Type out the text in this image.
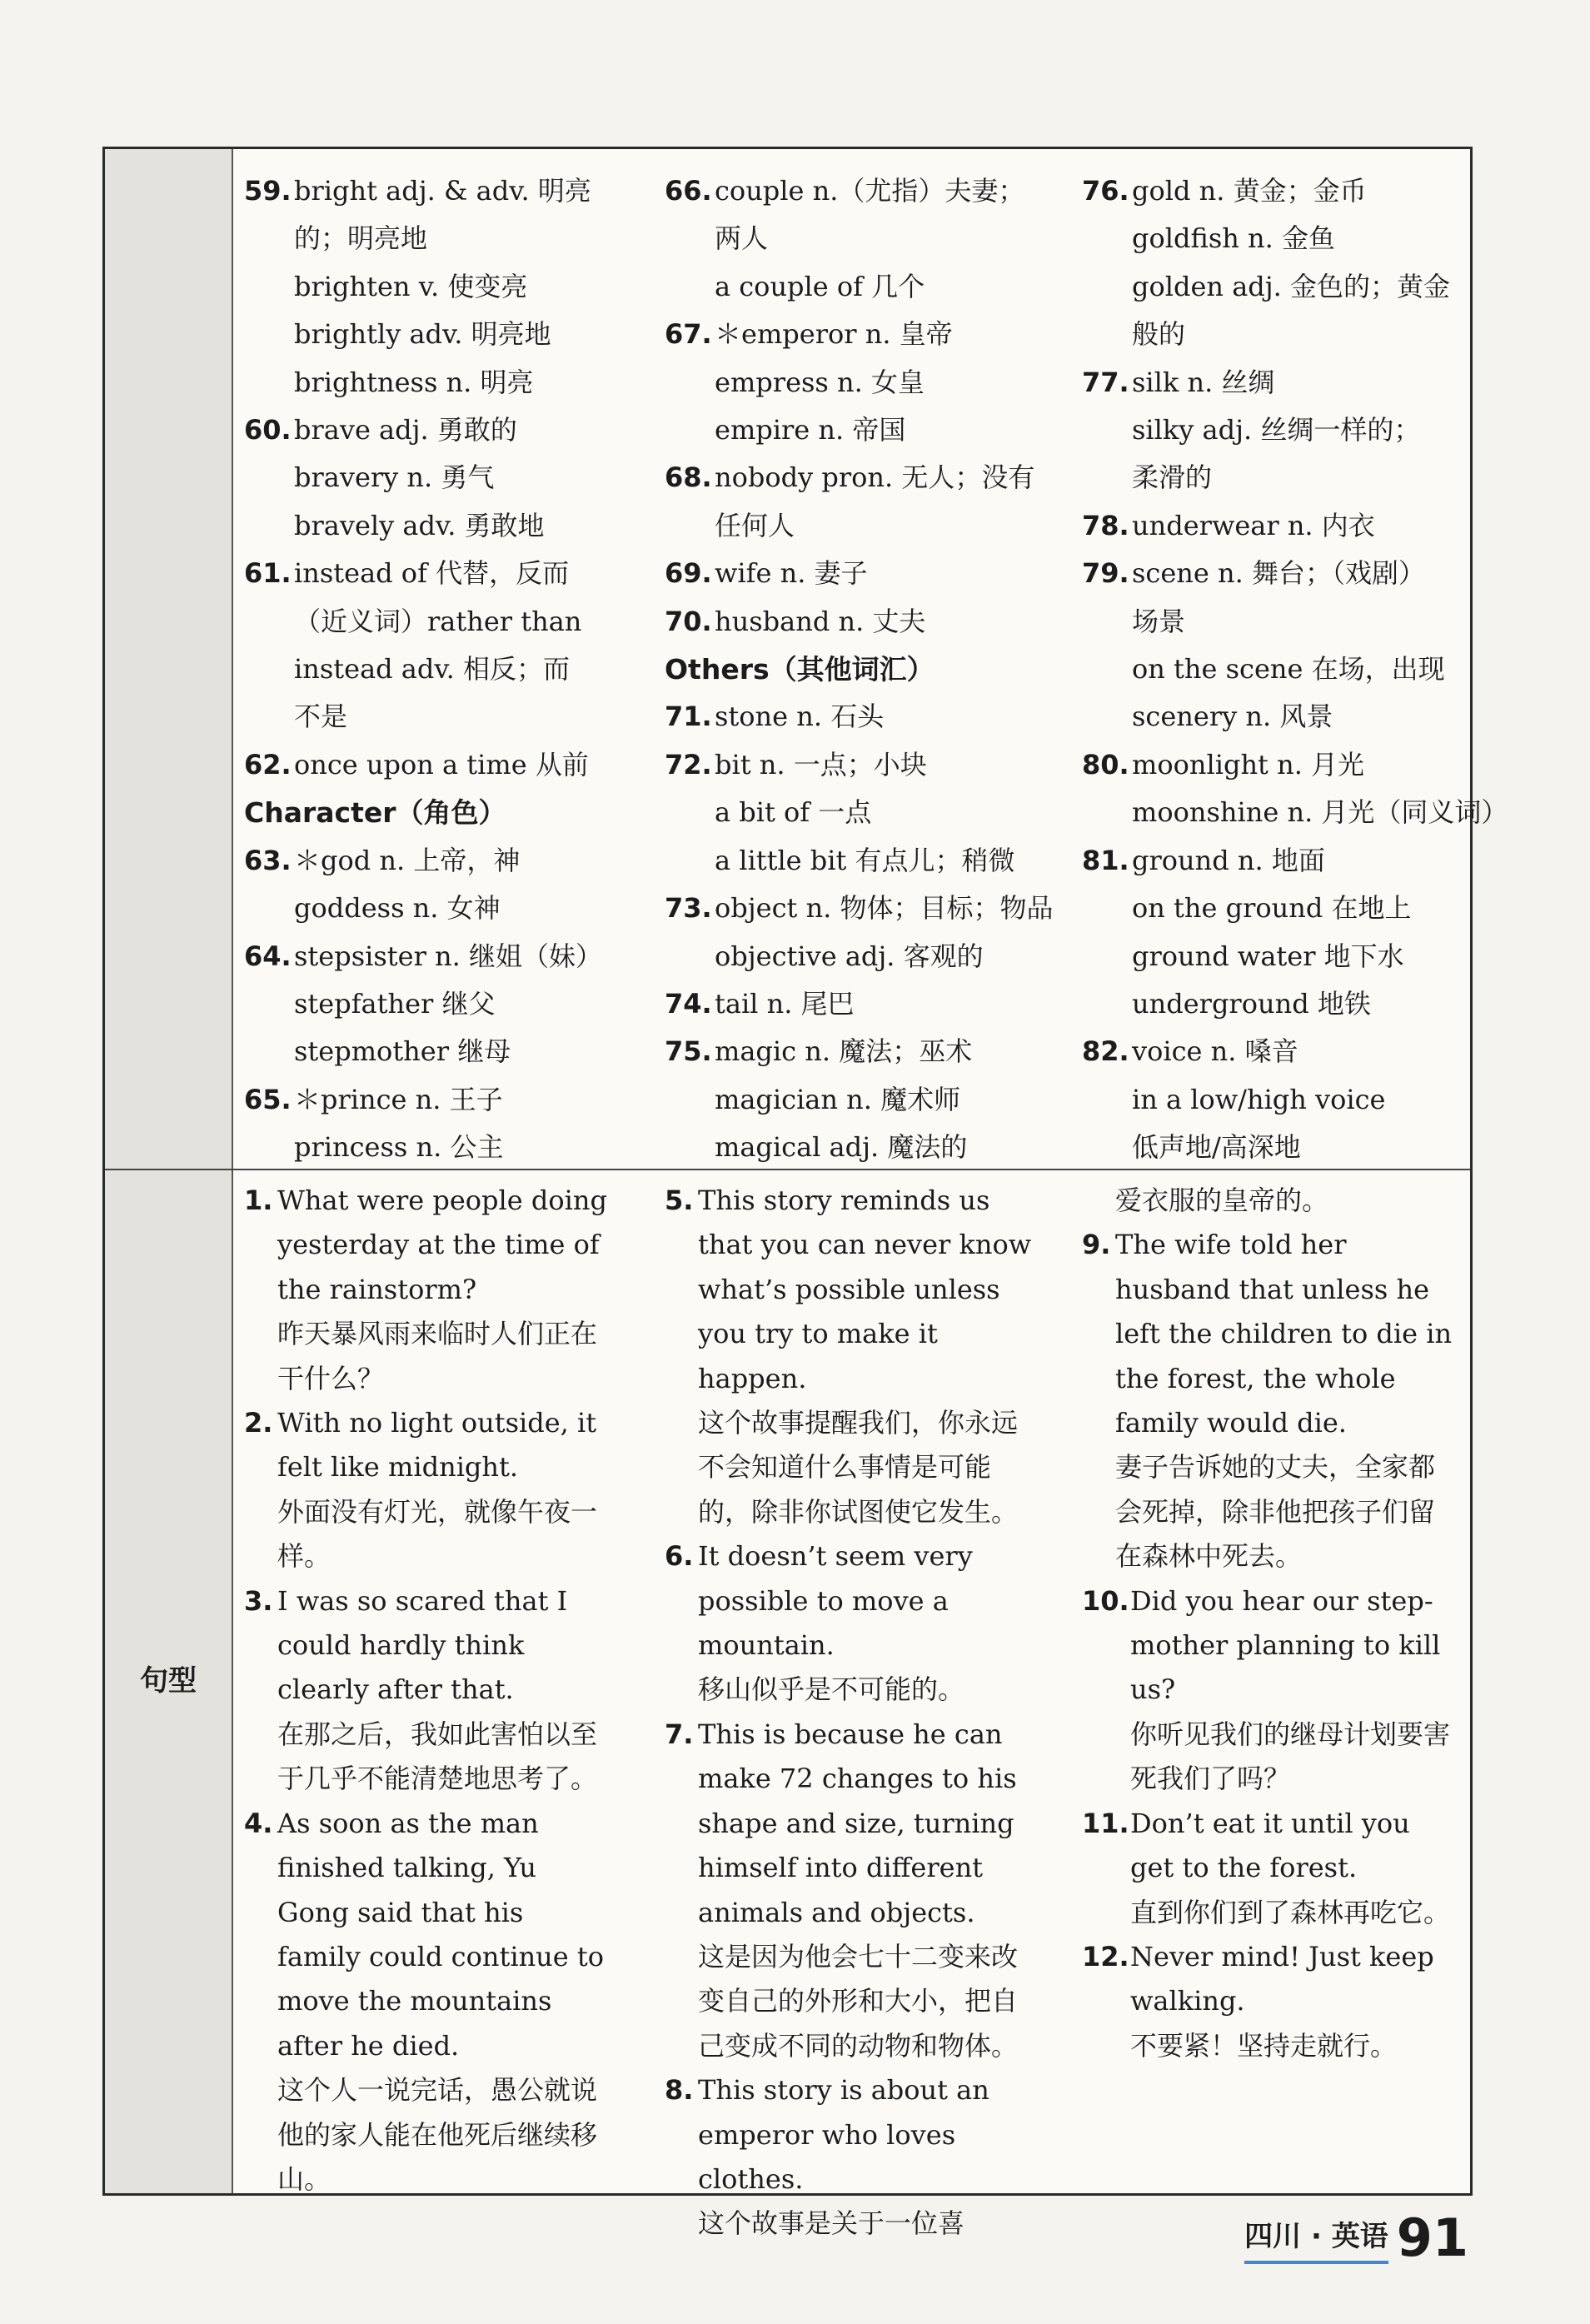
句型
59. bright adj. & adv. 明亮
的；明亮地
brighten v. 使变亮
brightly adv. 明亮地
brightness n. 明亮
60. brave adj. 勇敢的
bravery n. 勇气
bravely adv. 勇敢地
61. instead of 代替，反而
（近义词）rather than
instead adv. 相反；而
不是
62. once upon a time 从前
Character（角色）
63. ＊god n. 上帝，神
goddess n. 女神
64. stepsister n. 继姐（妹）
stepfather 继父
stepmother 继母
65. ＊prince n. 王子
princess n. 公主
66. couple n.（尤指）夫妻；
两人
a couple of 几个
67. ＊emperor n. 皇帝
empress n. 女皇
empire n. 帝国
68. nobody pron. 无人；没有
任何人
69. wife n. 妻子
70. husband n. 丈夫
Others（其他词汇）
71. stone n. 石头
72. bit n. 一点；小块
a bit of 一点
a little bit 有点儿；稍微
73. object n. 物体；目标；物品
objective adj. 客观的
74. tail n. 尾巴
75. magic n. 魔法；巫术
magician n. 魔术师
magical adj. 魔法的
76. gold n. 黄金；金币
goldfish n. 金鱼
golden adj. 金色的；黄金
般的
77. silk n. 丝绸
silky adj. 丝绸一样的；
柔滑的
78. underwear n. 内衣
79. scene n. 舞台；（戏剧）
场景
on the scene 在场，出现
scenery n. 风景
80. moonlight n. 月光
moonshine n. 月光（同义词）
81. ground n. 地面
on the ground 在地上
ground water 地下水
underground 地铁
82. voice n. 嗓音
in a low/high voice
低声地/高深地
1. What were people doing yesterday at the time of the rainstorm?
昨天暴风雨来临时人们正在干什么？
2. With no light outside, it felt like midnight.
外面没有灯光，就像午夜一样。
3. I was so scared that I could hardly think clearly after that.
在那之后，我如此害怕以至于几乎不能清楚地思考了。
4. As soon as the man finished talking, Yu Gong said that his family could continue to move the mountains after he died.
这个人一说完话，愚公就说他的家人能在他死后继续移山。
5. This story reminds us that you can never know what’s possible unless you try to make it happen.
这个故事提醒我们，你永远不会知道什么事情是可能的，除非你试图使它发生。
6. It doesn’t seem very possible to move a mountain.
移山似乎是不可能的。
7. This is because he can make 72 changes to his shape and size, turning himself into different animals and objects.
这是因为他会七十二变来改变自己的外形和大小，把自己变成不同的动物和物体。
8. This story is about an emperor who loves clothes.
这个故事是关于一位喜
爱衣服的皇帝的。
9. The wife told her husband that unless he left the children to die in the forest, the whole family would die.
妻子告诉她的丈夫，全家都会死掉，除非他把孩子们留在森林中死去。
10. Did you hear our step-mother planning to kill us?
你听见我们的继母计划要害死我们了吗？
11. Don’t eat it until you get to the forest.
直到你们到了森林再吃它。
12. Never mind! Just keep walking.
不要紧！坚持走就行。
四川 · 英语 91
